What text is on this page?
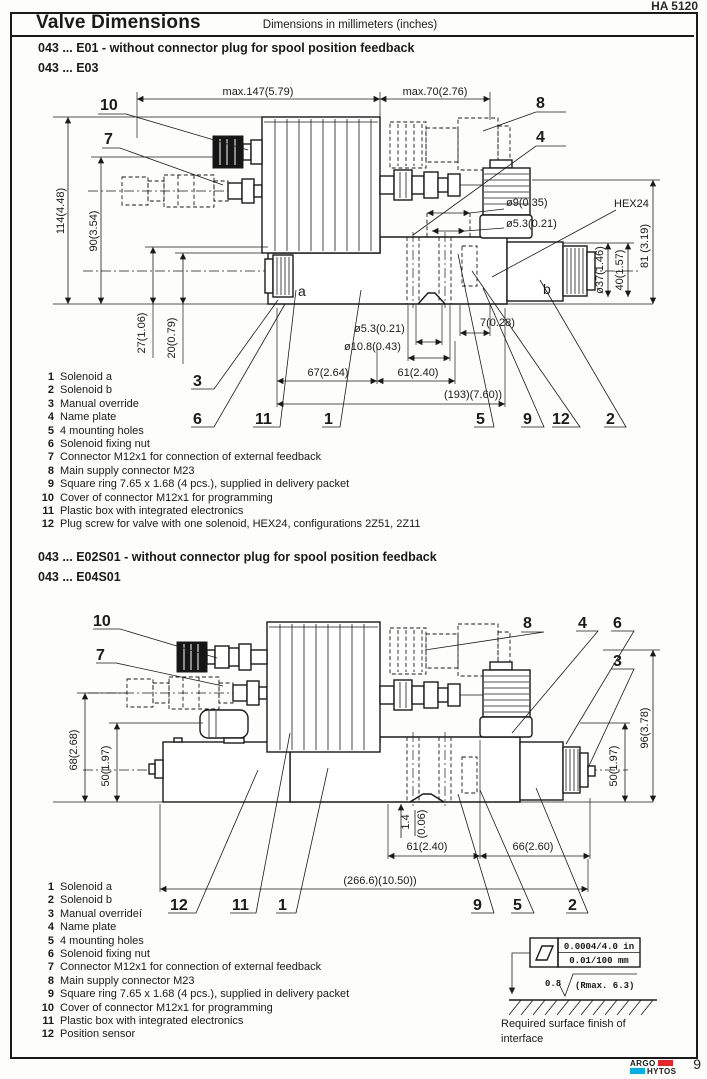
HA 5120
Valve Dimensions	Dimensions in millimeters (inches)
043 ... E01 - without connector plug for spool position feedback
043 ... E03
max.147(5.79)	max.70(2.76)
114(4.48) 90(3.54)
27(1.06) 20(0.79)
ø9(0.35)
ø5.3(0.21)
HEX24
81 (3.19)
ø37(1.46) 40(1.57)
ø5.3(0.21)
ø10.8(0.43)
7(0.28)
67(2.64)	61(2.40)
(193)(7.60))
a	b
10
7
8
4
3
6	11	1	5 9 12 2
1 Solenoid a
2 Solenoid b
3 Manual override
4 Name plate
5 4 mounting holes
6 Solenoid fixing nut
7 Connector M12x1 for connection of external feedback
8 Main supply connector M23
9 Square ring 7.65 x 1.68 (4 pcs.), supplied in delivery packet
10 Cover of connector M12x1 for programming
11 Plastic box with integrated electronics
12 Plug screw for valve with one solenoid, HEX24, configurations 2Z51, 2Z11
043 ... E02S01 - without connector plug for spool position feedback
043 ... E04S01
68(2.68) 50(1.97)
96(3.78)
50(1.97)
1.4 (0.06)
61(2.40)	66(2.60)
(266.6)(10.50))
10
7
8	4 6
3
12	11 1	9 5	2
1 Solenoid a
2 Solenoid b
3 Manual overrideí
4 Name plate
5 4 mounting holes
6 Solenoid fixing nut
7 Connector M12x1 for connection of external feedback
8 Main supply connector M23
9 Square ring 7.65 x 1.68 (4 pcs.), supplied in delivery packet
10 Cover of connector M12x1 for programming
11 Plastic box with integrated electronics
12 Position sensor
0.0004/4.0 in
0.01/100 mm
0.8 (Rmax. 6.3)
Required surface finish of
interface
ARGO
HYTOS 9
